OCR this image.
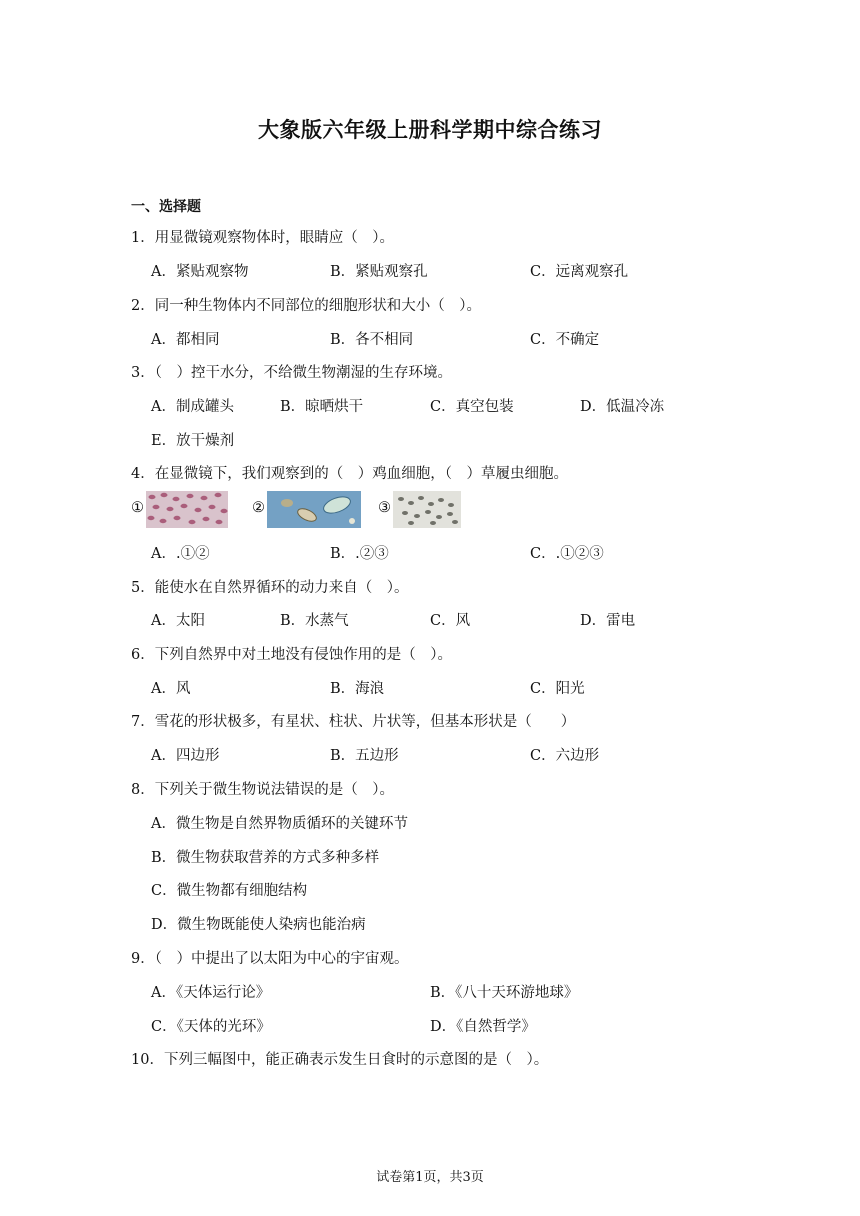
大象版六年级上册科学期中综合练习
一、选择题
1．用显微镜观察物体时，眼睛应（　）。
A．紧贴观察物	B．紧贴观察孔	C．远离观察孔
2．同一种生物体内不同部位的细胞形状和大小（　）。
A．都相同	B．各不相同	C．不确定
3．（　）控干水分，不给微生物潮湿的生存环境。
A．制成罐头	B．晾晒烘干	C．真空包装	D．低温冷冻
E．放干燥剂
4．在显微镜下，我们观察到的（　）鸡血细胞，（　）草履虫细胞。
①	②	③
A．.①②	B．.②③	C．.①②③
5．能使水在自然界循环的动力来自（　）。
A．太阳	B．水蒸气	C．风	D．雷电
6．下列自然界中对土地没有侵蚀作用的是（　）。
A．风	B．海浪	C．阳光
7．雪花的形状极多，有星状、柱状、片状等，但基本形状是（　　）
A．四边形	B．五边形	C．六边形
8．下列关于微生物说法错误的是（　）。
A．微生物是自然界物质循环的关键环节
B．微生物获取营养的方式多种多样
C．微生物都有细胞结构
D．微生物既能使人染病也能治病
9．（　）中提出了以太阳为中心的宇宙观。
A．《天体运行论》	B．《八十天环游地球》
C．《天体的光环》	D．《自然哲学》
10．下列三幅图中，能正确表示发生日食时的示意图的是（　）。
试卷第1页，共3页
